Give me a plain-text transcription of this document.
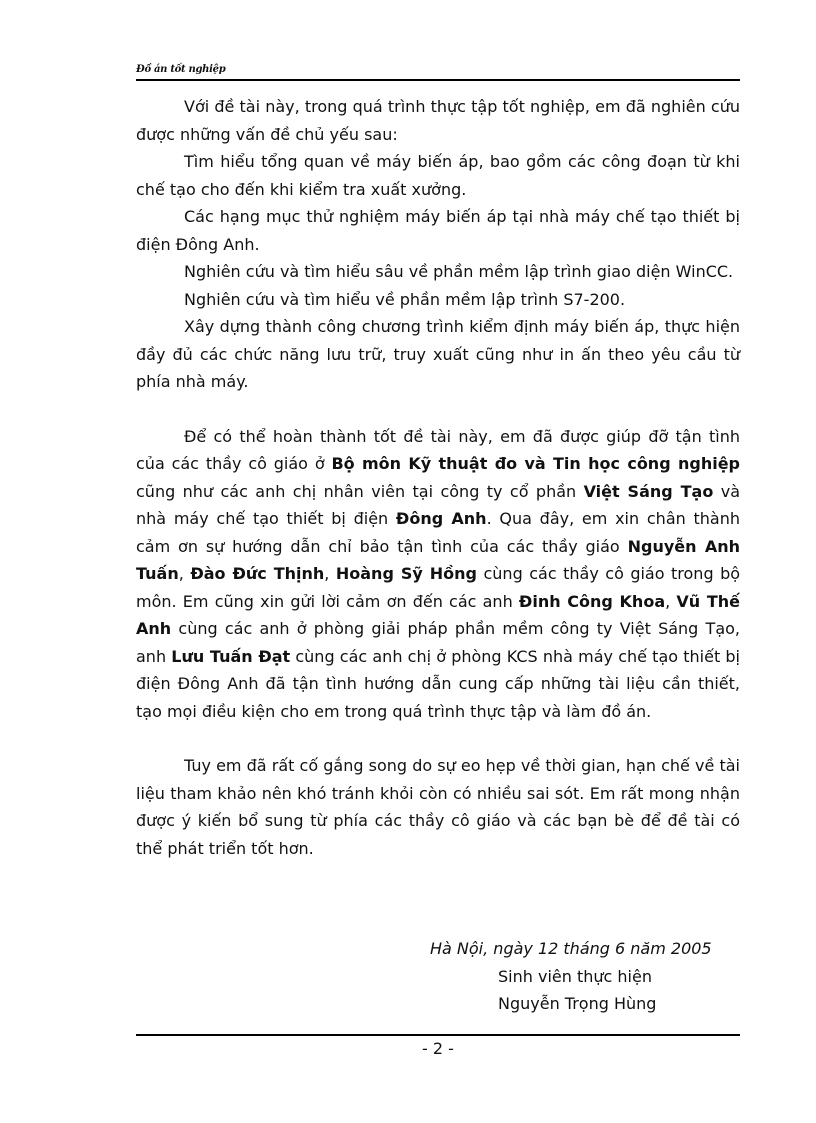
Đồ án tốt nghiệp

Với đề tài này, trong quá trình thực tập tốt nghiệp, em đã nghiên cứu được những vấn đề chủ yếu sau:

Tìm hiểu tổng quan về máy biến áp, bao gồm các công đoạn từ khi chế tạo cho đến khi kiểm tra xuất xưởng.

Các hạng mục thử nghiệm máy biến áp tại nhà máy chế tạo thiết bị điện Đông Anh.

Nghiên cứu và tìm hiểu sâu về phần mềm lập trình giao diện WinCC.

Nghiên cứu và tìm hiểu về phần mềm lập trình S7-200.

Xây dựng thành công chương trình kiểm định máy biến áp, thực hiện đầy đủ các chức năng lưu trữ, truy xuất cũng như in ấn theo yêu cầu từ phía nhà máy.

Để có thể hoàn thành tốt đề tài này, em đã được giúp đỡ tận tình của các thầy cô giáo ở Bộ môn Kỹ thuật đo và Tin học công nghiệp cũng như các anh chị nhân viên tại công ty cổ phần Việt Sáng Tạo và nhà máy chế tạo thiết bị điện Đông Anh. Qua đây, em xin chân thành cảm ơn sự hướng dẫn chỉ bảo tận tình của các thầy giáo Nguyễn Anh Tuấn, Đào Đức Thịnh, Hoàng Sỹ Hồng cùng các thầy cô giáo trong bộ môn. Em cũng xin gửi lời cảm ơn đến các anh Đinh Công Khoa, Vũ Thế Anh cùng các anh ở phòng giải pháp phần mềm công ty Việt Sáng Tạo, anh Lưu Tuấn Đạt cùng các anh chị ở phòng KCS nhà máy chế tạo thiết bị điện Đông Anh đã tận tình hướng dẫn cung cấp những tài liệu cần thiết, tạo mọi điều kiện cho em trong quá trình thực tập và làm đồ án.

Tuy em đã rất cố gắng song do sự eo hẹp về thời gian, hạn chế về tài liệu tham khảo nên khó tránh khỏi còn có nhiều sai sót. Em rất mong nhận được ý kiến bổ sung từ phía các thầy cô giáo và các bạn bè để đề tài có thể phát triển tốt hơn.

Hà Nội, ngày 12 tháng 6 năm 2005
Sinh viên thực hiện
Nguyễn Trọng Hùng
- 2 -
